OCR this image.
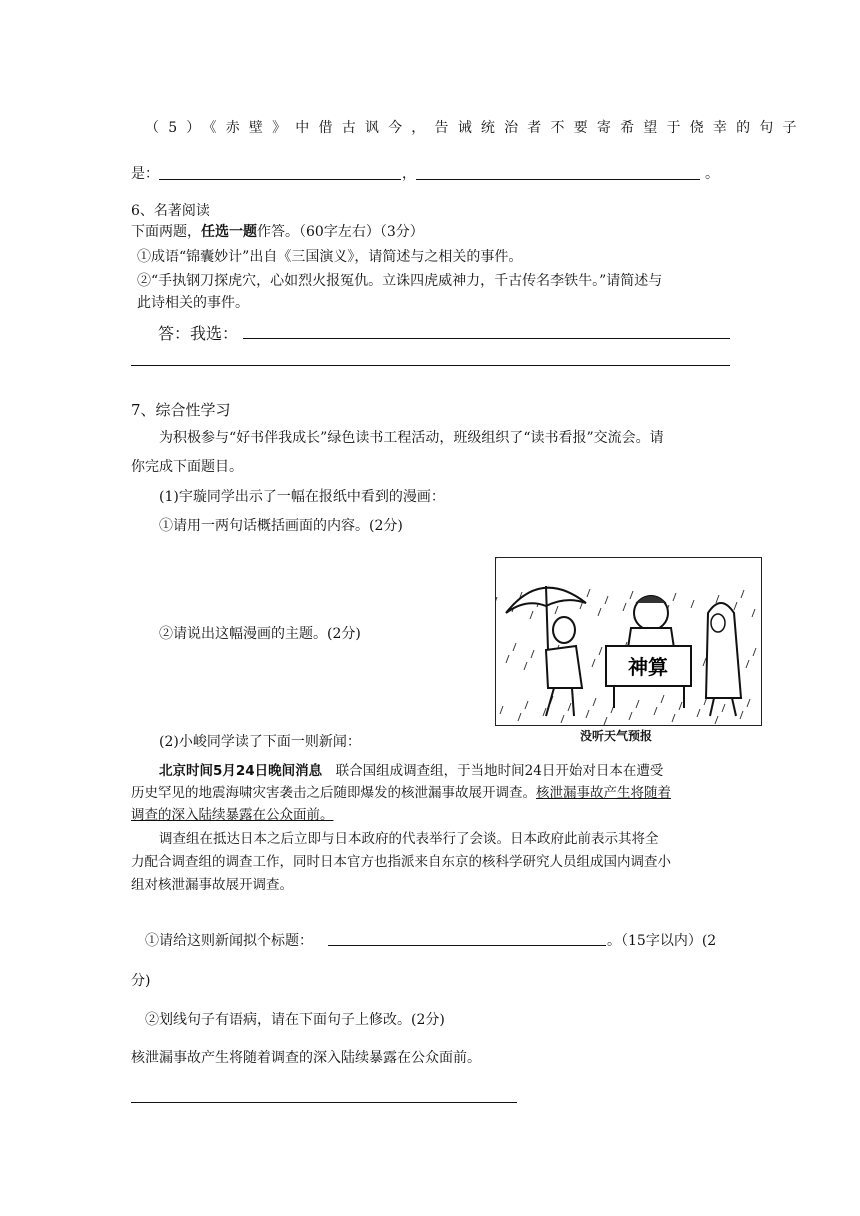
（5）《赤壁》中借古讽今，告诫统治者不要寄希望于侥幸的句子
是：	，	。
6、名著阅读
下面两题，任选一题作答。（60字左右）（3分）
①成语“锦囊妙计”出自《三国演义》，请简述与之相关的事件。
②“手执钢刀探虎穴，心如烈火报冤仇。立诛四虎威神力，千古传名李铁牛。”请简述与
此诗相关的事件。
答：我选：
7、综合性学习
为积极参与“好书伴我成长”绿色读书工程活动，班级组织了“读书看报”交流会。请
你完成下面题目。
(1)宇璇同学出示了一幅在报纸中看到的漫画：
①请用一两句话概括画面的内容。(2分)
②请说出这幅漫画的主题。(2分)
神算
没听天气预报
(2)小峻同学读了下面一则新闻：
北京时间5月24日晚间消息　联合国组成调查组，于当地时间24日开始对日本在遭受
历史罕见的地震海啸灾害袭击之后随即爆发的核泄漏事故展开调查。核泄漏事故产生将随着
调查的深入陆续暴露在公众面前。
调查组在抵达日本之后立即与日本政府的代表举行了会谈。日本政府此前表示其将全
力配合调查组的调查工作，同时日本官方也指派来自东京的核科学研究人员组成国内调查小
组对核泄漏事故展开调查。
①请给这则新闻拟个标题：	。（15字以内）(2
分)
②划线句子有语病，请在下面句子上修改。(2分)
核泄漏事故产生将随着调查的深入陆续暴露在公众面前。
